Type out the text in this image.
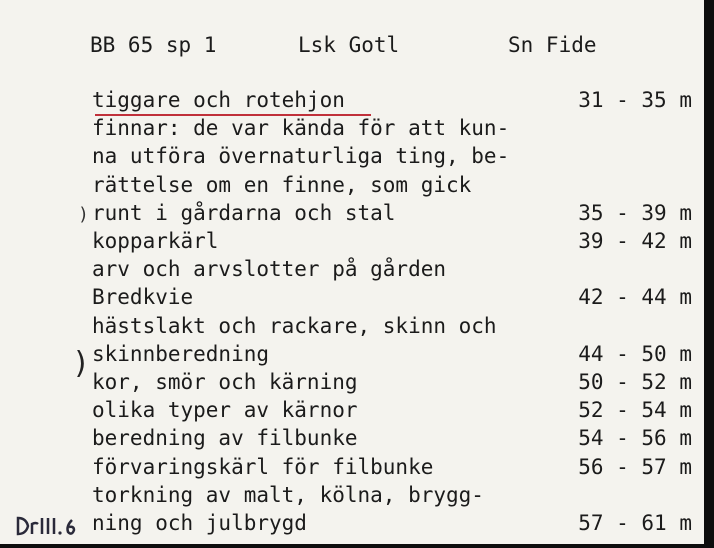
BB 65 sp 1	Lsk Gotl	Sn Fide
tiggare och rotehjon	31 - 35 m
finnar: de var kända för att kun-
na utföra övernaturliga ting, be-
rättelse om en finne, som gick
runt i gårdarna och stal	35 - 39 m
kopparkärl	39 - 42 m
arv och arvslotter på gården
Bredkvie	42 - 44 m
hästslakt och rackare, skinn och
skinnberedning	44 - 50 m
kor, smör och kärning	50 - 52 m
olika typer av kärnor	52 - 54 m
beredning av filbunke	54 - 56 m
förvaringskärl för filbunke	56 - 57 m
torkning av malt, kölna, brygg-
ning och julbrygd	57 - 61 m
)
)
